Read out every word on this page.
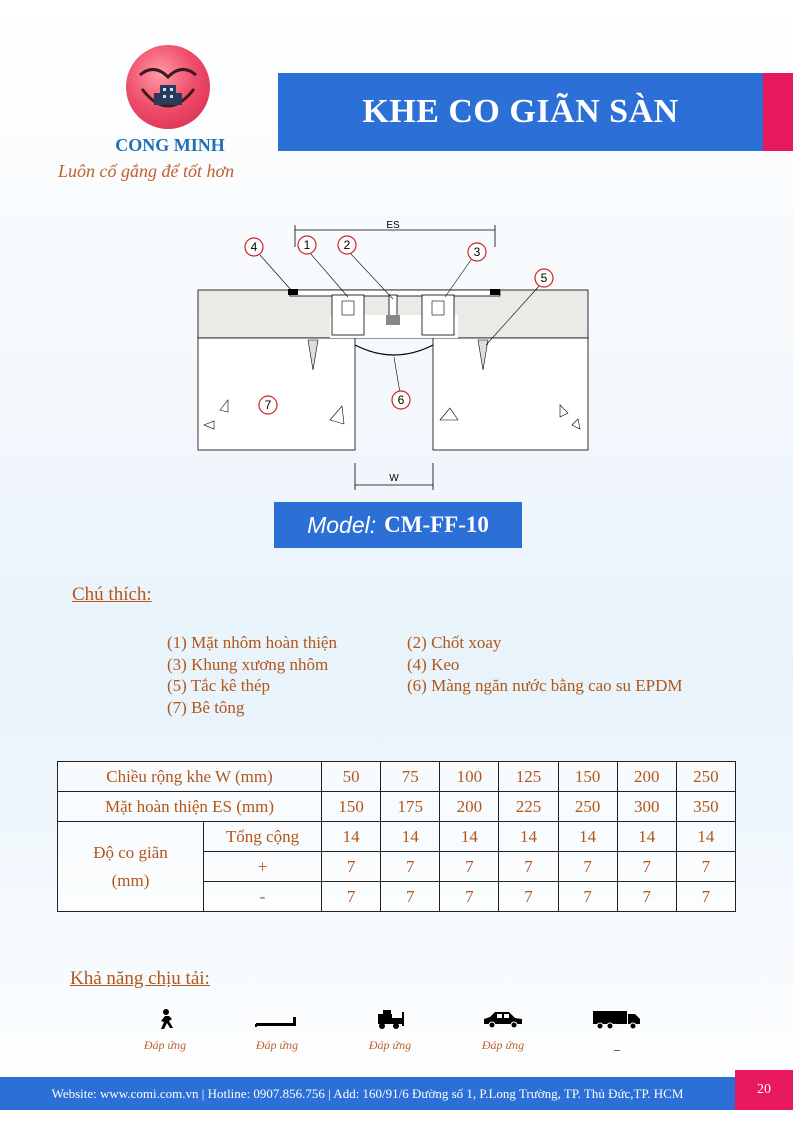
CONG MINH
Luôn cố gắng để tốt hơn
KHE CO GIÃN SÀN
ES
W
4	1	2	3
5
6
7
Model: CM-FF-10
Chú thích:
(1) Mặt nhôm hoàn thiện	(2) Chốt xoay
(3) Khung xương nhôm	(4) Keo
(5) Tắc kê thép	(6) Màng ngăn nước bằng cao su EPDM
(7) Bê tông
Chiều rộng khe W (mm)		50	75	100	125	150	200	250
Mặt hoàn thiện ES (mm)		150	175	200	225	250	300	350

Độ co giãn
(mm)	Tổng cộng	14	14	14	14	14	14	14
	+	7	7	7	7	7	7	7
	-	7	7	7	7	7	7	7
Khả năng chịu tải:
Đáp ứng	Đáp ứng	Đáp ứng	Đáp ứng	_
Website: www.comi.com.vn | Hotline: 0907.856.756 | Add: 160/91/6 Đường số 1, P.Long Trường, TP. Thủ Đức,TP. HCM	20
